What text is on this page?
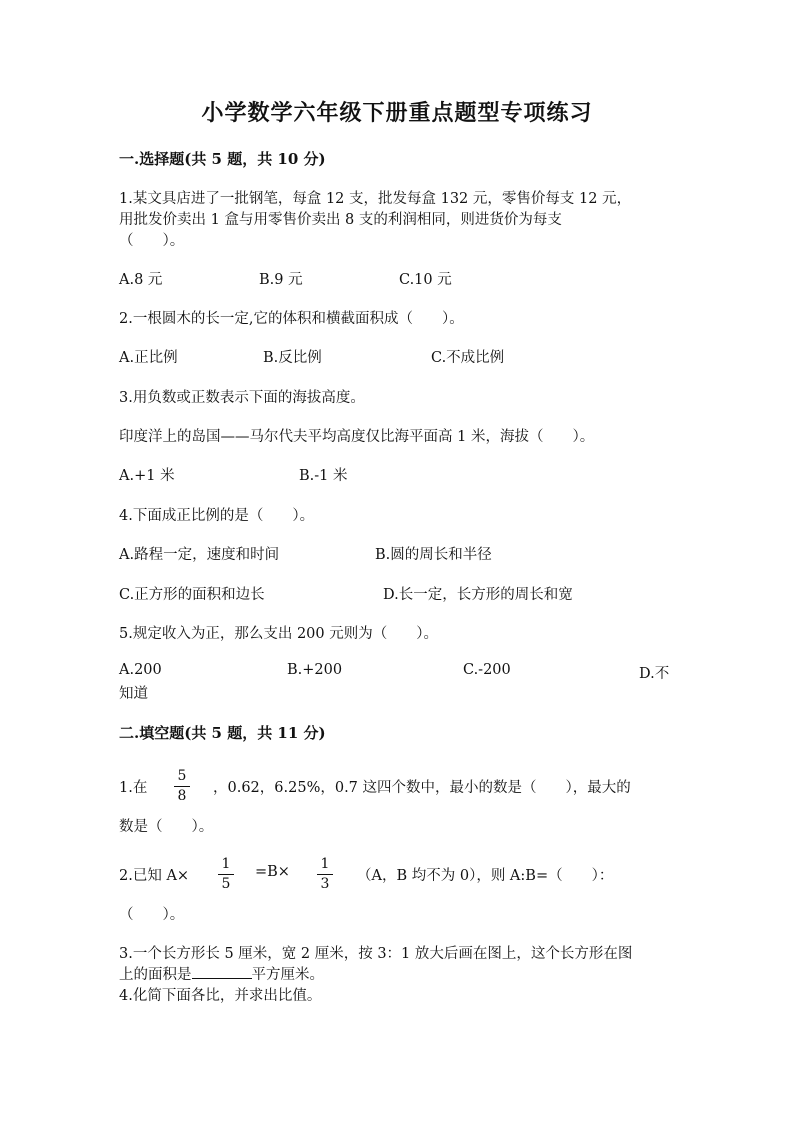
小学数学六年级下册重点题型专项练习
一.选择题(共 5 题，共 10 分)
1.某文具店进了一批钢笔，每盒 12 支，批发每盒 132 元，零售价每支 12 元，
用批发价卖出 1 盒与用零售价卖出 8 支的利润相同，则进货价为每支
（　　）。
A.8 元	B.9 元	C.10 元
2.一根圆木的长一定,它的体积和横截面积成（　　）。
A.正比例	B.反比例	C.不成比例
3.用负数或正数表示下面的海拔高度。
印度洋上的岛国——马尔代夫平均高度仅比海平面高 1 米，海拔（　　）。
A.+1 米	B.-1 米
4.下面成正比例的是（　　）。
A.路程一定，速度和时间	B.圆的周长和半径
C.正方形的面积和边长	D.长一定，长方形的周长和宽
5.规定收入为正，那么支出 200 元则为（　　）。
A.200	B.+200	C.-200	D.不
知道
二.填空题(共 5 题，共 11 分)
1.在
5
8	，0.62，6.25%，0.7 这四个数中，最小的数是（　　），最大的
数是（　　）。
2.已知 A×
1
5
=B×	1
3	（A，B 均不为 0），则 A:B=（　　）：
（　　）。
3.一个长方形长 5 厘米，宽 2 厘米，按 3：1 放大后画在图上，这个长方形在图
上的面积是	平方厘米。
4.化简下面各比，并求出比值。
